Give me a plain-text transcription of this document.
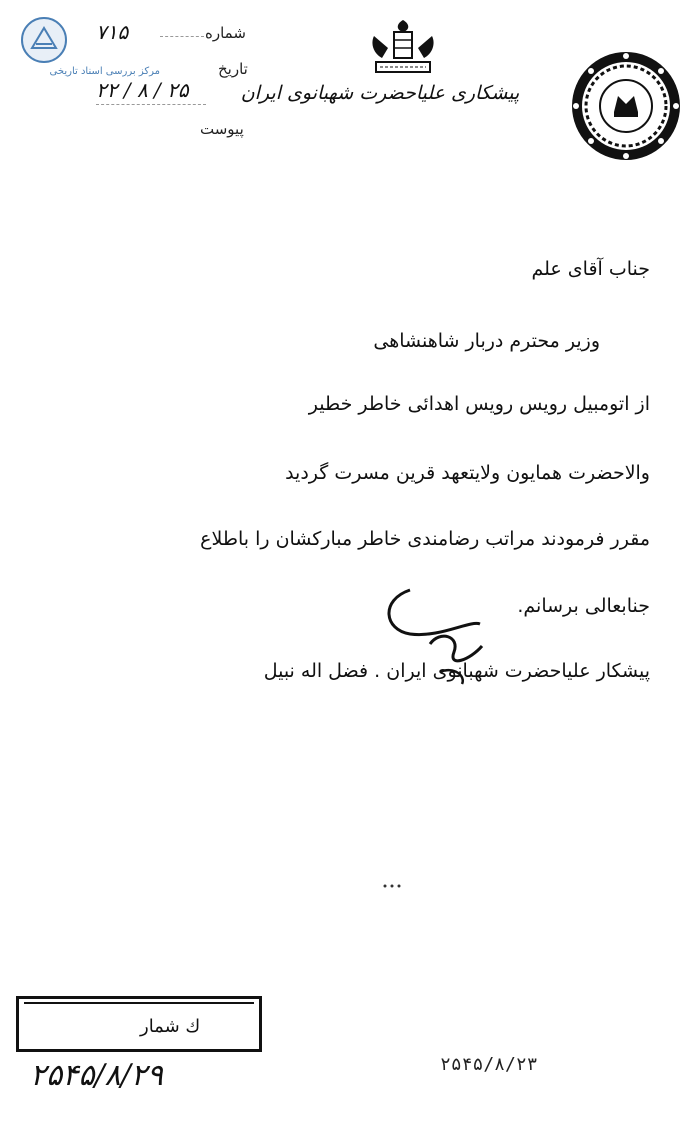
مرکز بررسی اسناد تاریخی
شماره
۷۱۵
تاریخ
۲۲ / ۸ / ۲۵
پیوست
پیشکاری علیاحضرت شهبانوی ایران
جناب آقای علم
وزیر محترم دربار شاهنشاهی
از اتومبیل رویس رویس اهدائی خاطر خطیر
والاحضرت همایون ولایتعهد قرین مسرت گردید
مقرر فرمودند مراتب رضامندی خاطر مبارکشان را باطلاع
جنابعالی برسانم.
پیشکار علیاحضرت شهبانوی ایران . فضل اله نبیل
ك شمار
۲۵۴۵/۸/۲۹	۲۵۴۵/۸/۲۳
